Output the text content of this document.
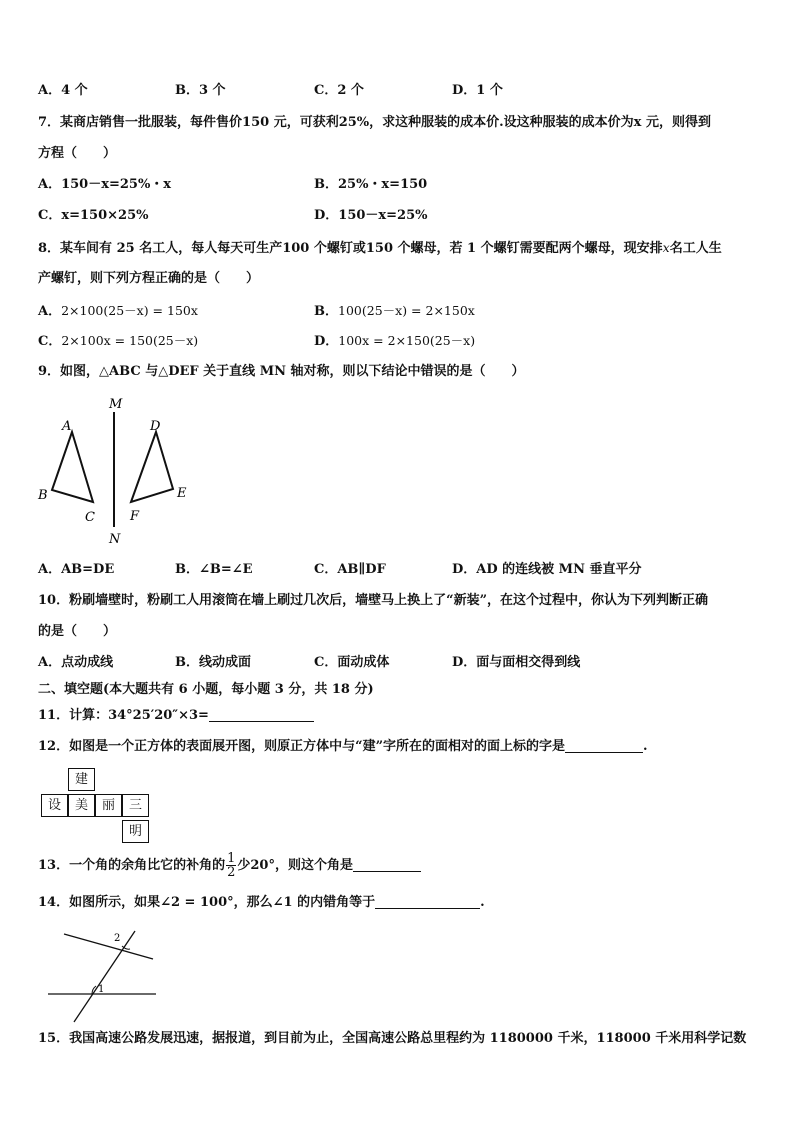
A．4 个	B．3 个	C．2 个	D．1 个
7．某商店销售一批服装，每件售价150 元，可获利25%，求这种服装的成本价.设这种服装的成本价为x 元，则得到
方程（　　）
A．150－x=25%・x	B．25%・x=150
C．x=150×25%	D．150－x=25%
8．某车间有 25 名工人，每人每天可生产100 个螺钉或150 个螺母，若 1 个螺钉需要配两个螺母，现安排x名工人生
产螺钉，则下列方程正确的是（　　）
A．2×100(25－x) = 150x	B．100(25－x) = 2×150x
C．2×100x = 150(25－x)	D．100x = 2×150(25－x)
9．如图，△ABC 与△DEF 关于直线 MN 轴对称，则以下结论中错误的是（　　）
M
N
A
B
C
D
E
F
A．AB=DE	B．∠B=∠E	C．AB∥DF	D．AD 的连线被 MN 垂直平分
10．粉刷墙壁时，粉刷工人用滚筒在墙上刷过几次后，墙壁马上换上了“新装”，在这个过程中，你认为下列判断正确
的是（　　）
A．点动成线	B．线动成面	C．面动成体	D．面与面相交得到线
二、填空题(本大题共有 6 小题，每小题 3 分，共 18 分)
11．计算：34°25′20″×3=
12．如图是一个正方体的表面展开图，则原正方体中与“建”字所在的面相对的面上标的字是	.
建
设	美	丽	三
明
13．一个角的余角比它的补角的 $\frac{1}{2}$ 少20°，则这个角是
14．如图所示，如果∠2 = 100°，那么∠1 的内错角等于	.
2
1
15．我国高速公路发展迅速，据报道，到目前为止，全国高速公路总里程约为 1180000 千米，118000 千米用科学记数
